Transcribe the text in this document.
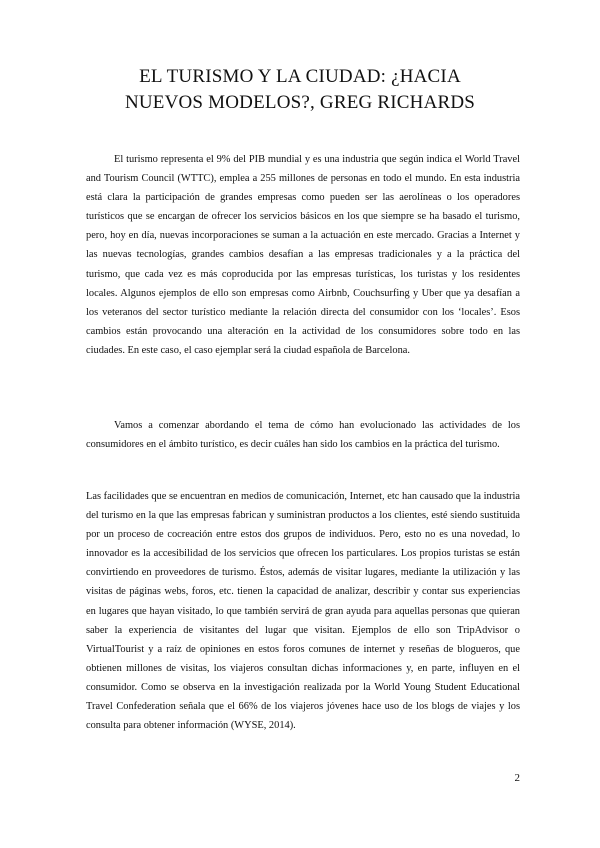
EL TURISMO Y LA CIUDAD: ¿HACIA
NUEVOS MODELOS?, GREG RICHARDS

El turismo representa el 9% del PIB mundial y es una industria que según indica el World Travel and Tourism Council (WTTC), emplea a 255 millones de personas en todo el mundo. En esta industria está clara la participación de grandes empresas como pueden ser las aerolíneas o los operadores turísticos que se encargan de ofrecer los servicios básicos en los que siempre se ha basado el turismo, pero, hoy en día, nuevas incorporaciones se suman a la actuación en este mercado. Gracias a Internet y las nuevas tecnologías, grandes cambios desafían a las empresas tradicionales y a la práctica del turismo, que cada vez es más coproducida por las empresas turísticas, los turistas y los residentes locales. Algunos ejemplos de ello son empresas como Airbnb, Couchsurfing y Uber que ya desafían a los veteranos del sector turístico mediante la relación directa del consumidor con los ‘locales’. Esos cambios están provocando una alteración en la actividad de los consumidores sobre todo en las ciudades. En este caso, el caso ejemplar será la ciudad española de Barcelona.

Vamos a comenzar abordando el tema de cómo han evolucionado las actividades de los consumidores en el ámbito turístico, es decir cuáles han sido los cambios en la práctica del turismo.

Las facilidades que se encuentran en medios de comunicación, Internet, etc han causado que la industria del turismo en la que las empresas fabrican y suministran productos a los clientes, esté siendo sustituida por un proceso de cocreación entre estos dos grupos de individuos. Pero, esto no es una novedad, lo innovador es la accesibilidad de los servicios que ofrecen los particulares. Los propios turistas se están convirtiendo en proveedores de turismo. Éstos, además de visitar lugares, mediante la utilización y las visitas de páginas webs, foros, etc. tienen la capacidad de analizar, describir y contar sus experiencias en lugares que hayan visitado, lo que también servirá de gran ayuda para aquellas personas que quieran saber la experiencia de visitantes del lugar que visitan. Ejemplos de ello son TripAdvisor o VirtualTourist y a raíz de opiniones en estos foros comunes de internet y reseñas de blogueros, que obtienen millones de visitas, los viajeros consultan dichas informaciones y, en parte, influyen en el consumidor. Como se observa en la investigación realizada por la World Young Student Educational Travel Confederation señala que el 66% de los viajeros jóvenes hace uso de los blogs de viajes y los consulta para obtener información (WYSE, 2014).

2
